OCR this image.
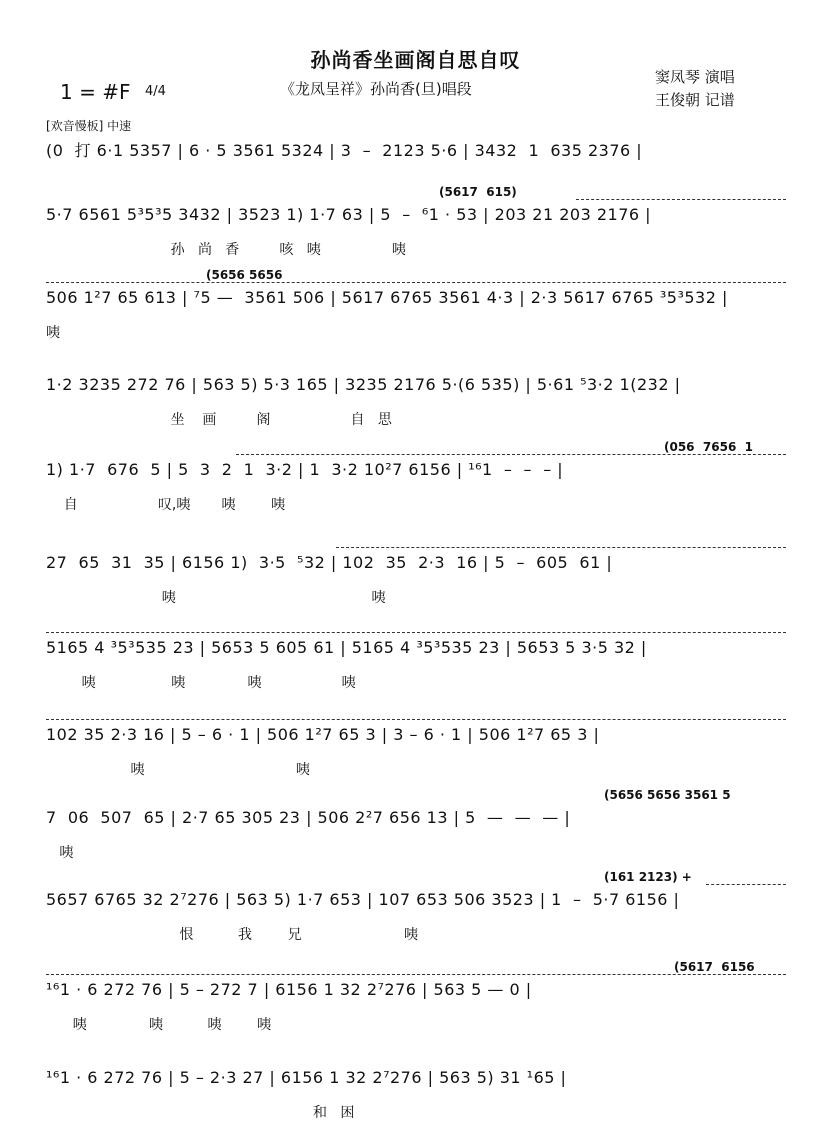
孙尚香坐画阁自思自叹
《龙凤呈祥》孙尚香(旦)唱段
1 = #F 4/4
窦凤琴 演唱
王俊朝 记谱
[欢音慢板] 中速
(0  打 6·1 5357 | 6 · 5 3561 5324 | 3  –  2123 5·6 | 3432  1  635 2376 |
(5617  615)
5·7 6561 5³5³5 3432 | 3523 1) 1·7 63 | 5  –  ⁶1 · 53 | 203 21 203 2176 |
孙   尚   香         咳   咦                咦
(5656 5656
506 1²7 65 613 | ⁷5 —  3561 506 | 5617 6765 3561 4·3 | 2·3 5617 6765 ³5³532 |
咦
1·2 3235 272 76 | 563 5) 5·3 165 | 3235 2176 5·(6 535) | 5·61 ⁵3·2 1(232 |
坐    画         阁                  自   思
(056  7656  1
1) 1·7  676  5 | 5  3  2  1  3·2 | 1  3·2 10²7 6156 | ¹⁶1  –  –  – |
自                  叹,咦       咦        咦
27  65  31  35 | 6156 1)  3·5  ⁵32 | 102  35  2·3  16 | 5  –  605  61 |
咦                                            咦
5165 4 ³5³535 23 | 5653 5 605 61 | 5165 4 ³5³535 23 | 5653 5 3·5 32 |
咦                 咦              咦                  咦
102 35 2·3 16 | 5 – 6 · 1 | 506 1²7 65 3 | 3 – 6 · 1 | 506 1²7 65 3 |
咦                                  咦
(5656 5656 3561 5
7  06  507  65 | 2·7 65 305 23 | 506 2²7 656 13 | 5  —  —  — |
咦
(161 2123) +
5657 6765 32 2⁷276 | 563 5) 1·7 653 | 107 653 506 3523 | 1  –  5·7 6156 |
恨          我        兄                       咦
(5617  6156
¹⁶1 · 6 272 76 | 5 – 272 7 | 6156 1 32 2⁷276 | 563 5 — 0 |
咦              咦          咦        咦
¹⁶1 · 6 272 76 | 5 – 2·3 27 | 6156 1 32 2⁷276 | 563 5) 31 ¹65 |
和   困
